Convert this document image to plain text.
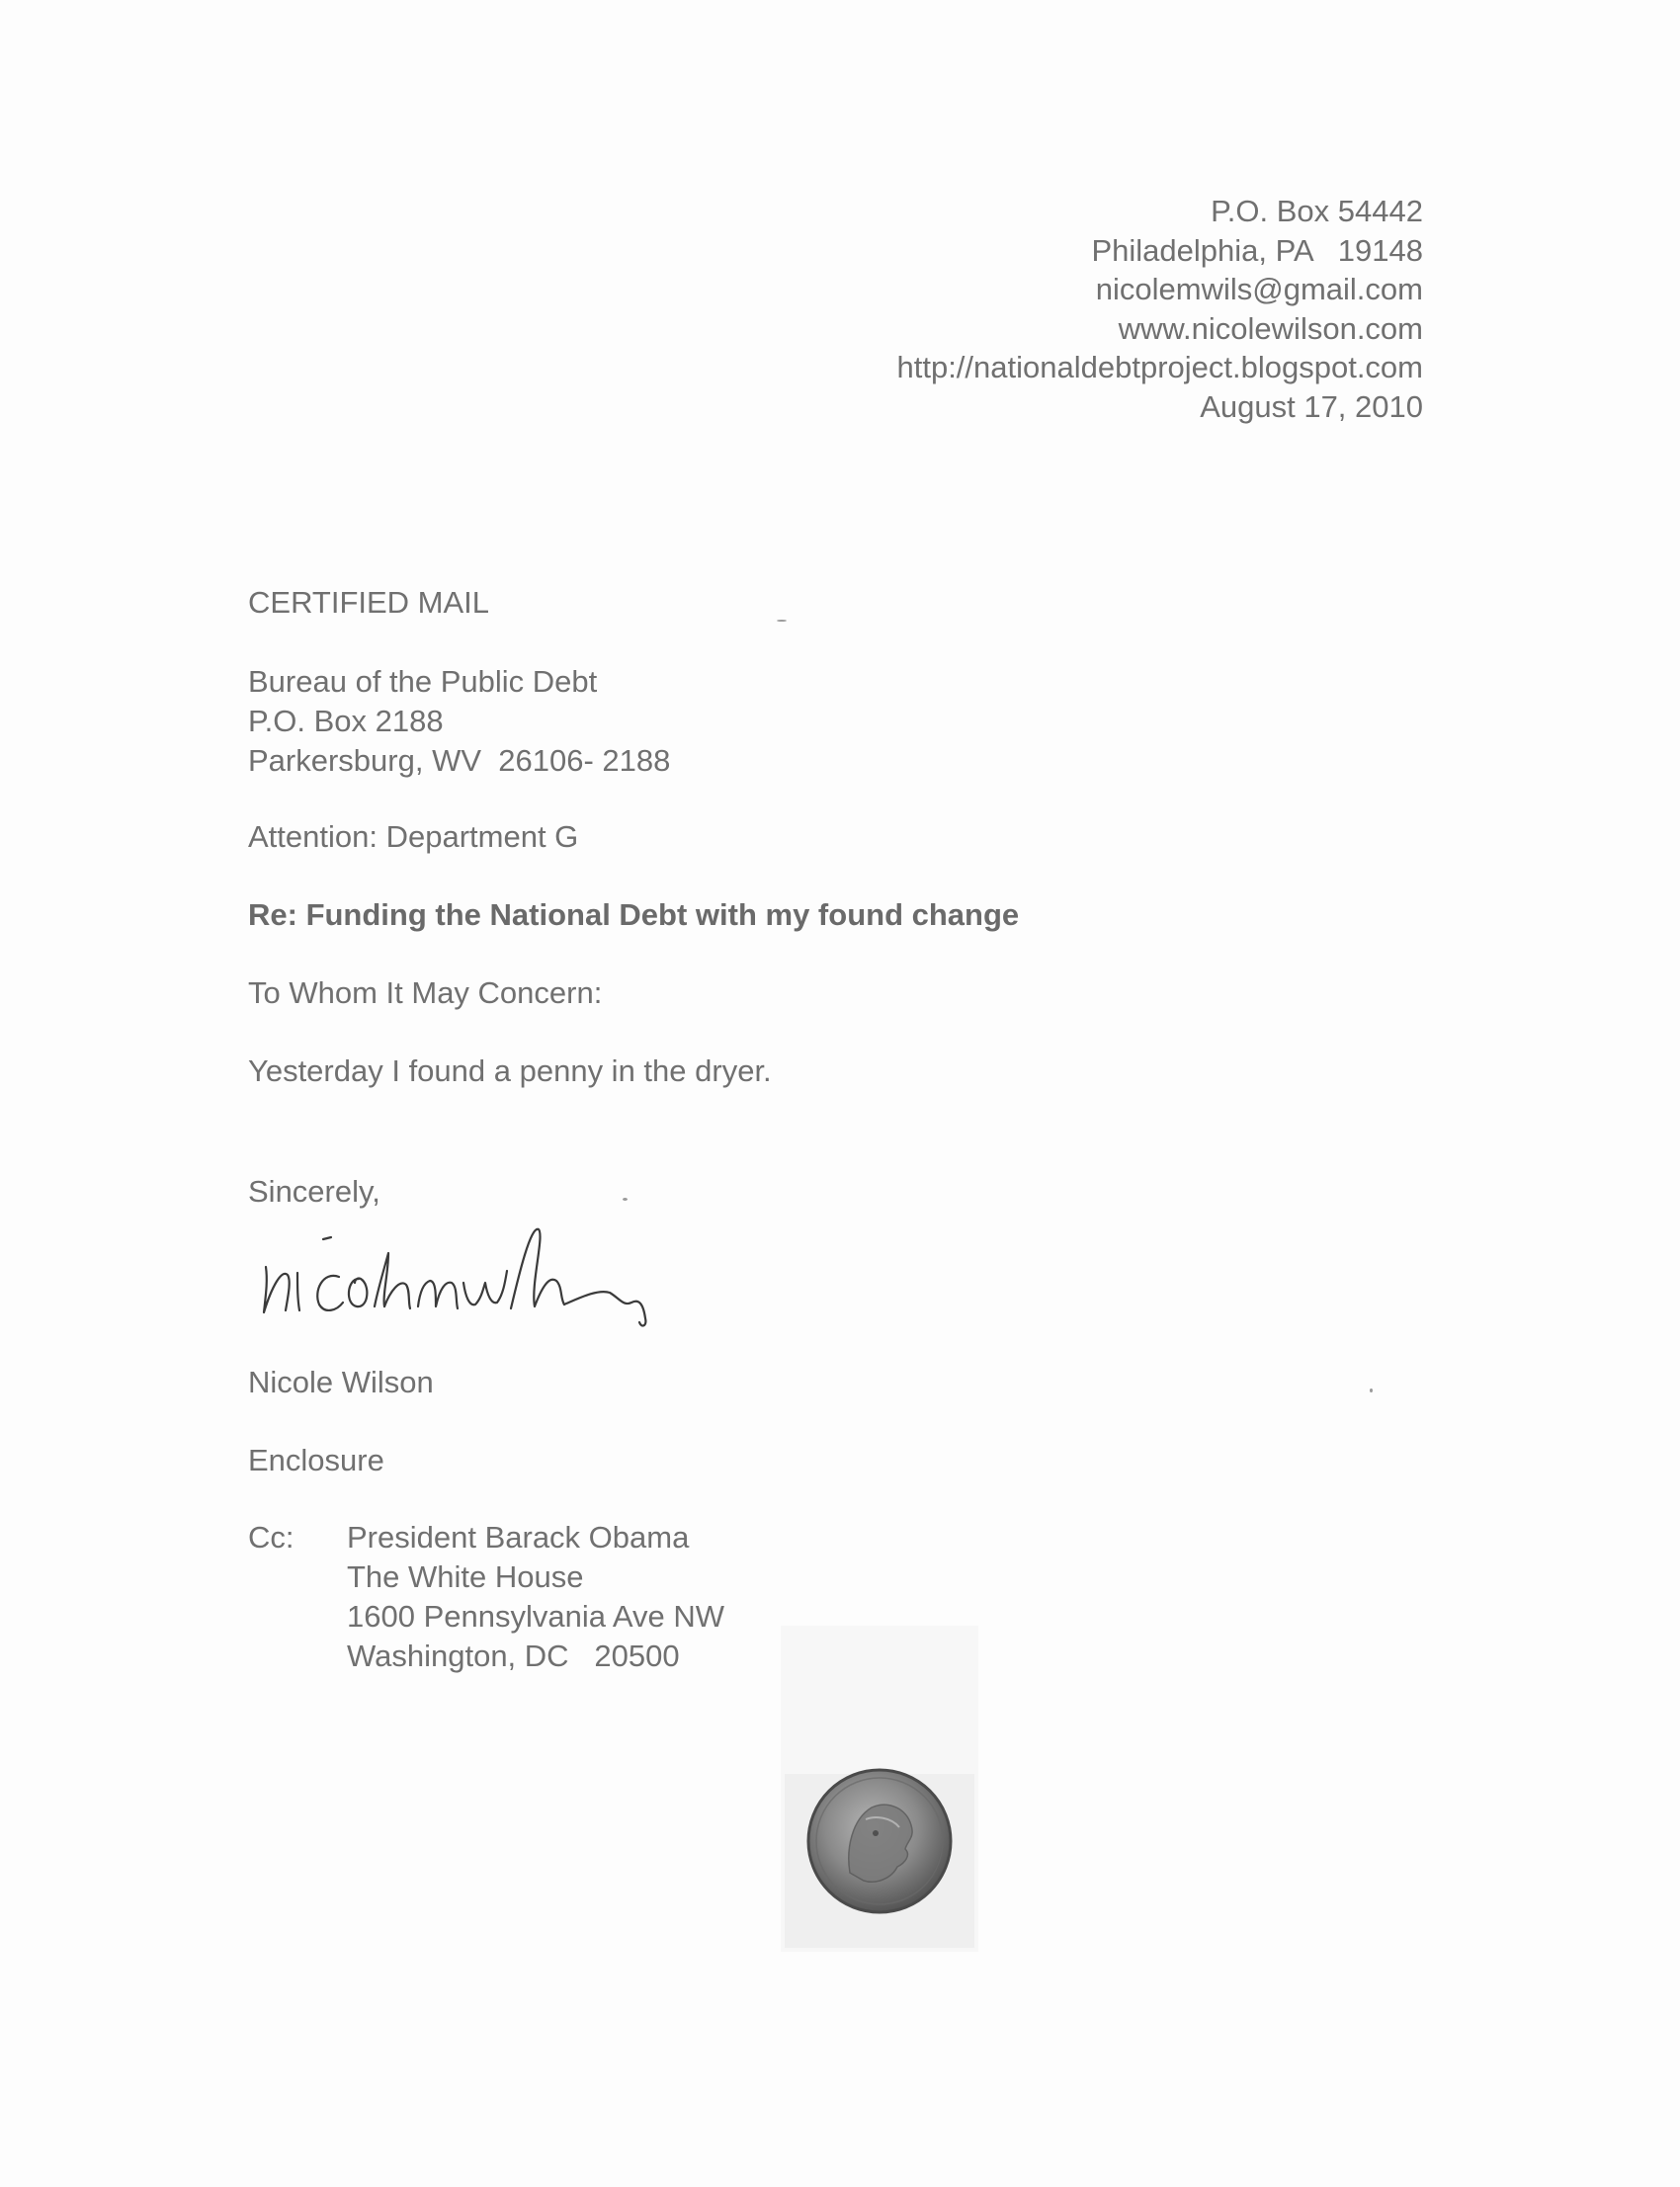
P.O. Box 54442
Philadelphia, PA   19148
nicolemwils@gmail.com
www.nicolewilson.com
http://nationaldebtproject.blogspot.com
August 17, 2010
CERTIFIED MAIL
Bureau of the Public Debt
P.O. Box 2188
Parkersburg, WV  26106- 2188
Attention: Department G
Re: Funding the National Debt with my found change
To Whom It May Concern:
Yesterday I found a penny in the dryer.
Sincerely,
Nicole Wilson
Enclosure
Cc: President Barack Obama
The White House
1600 Pennsylvania Ave NW
Washington, DC   20500
